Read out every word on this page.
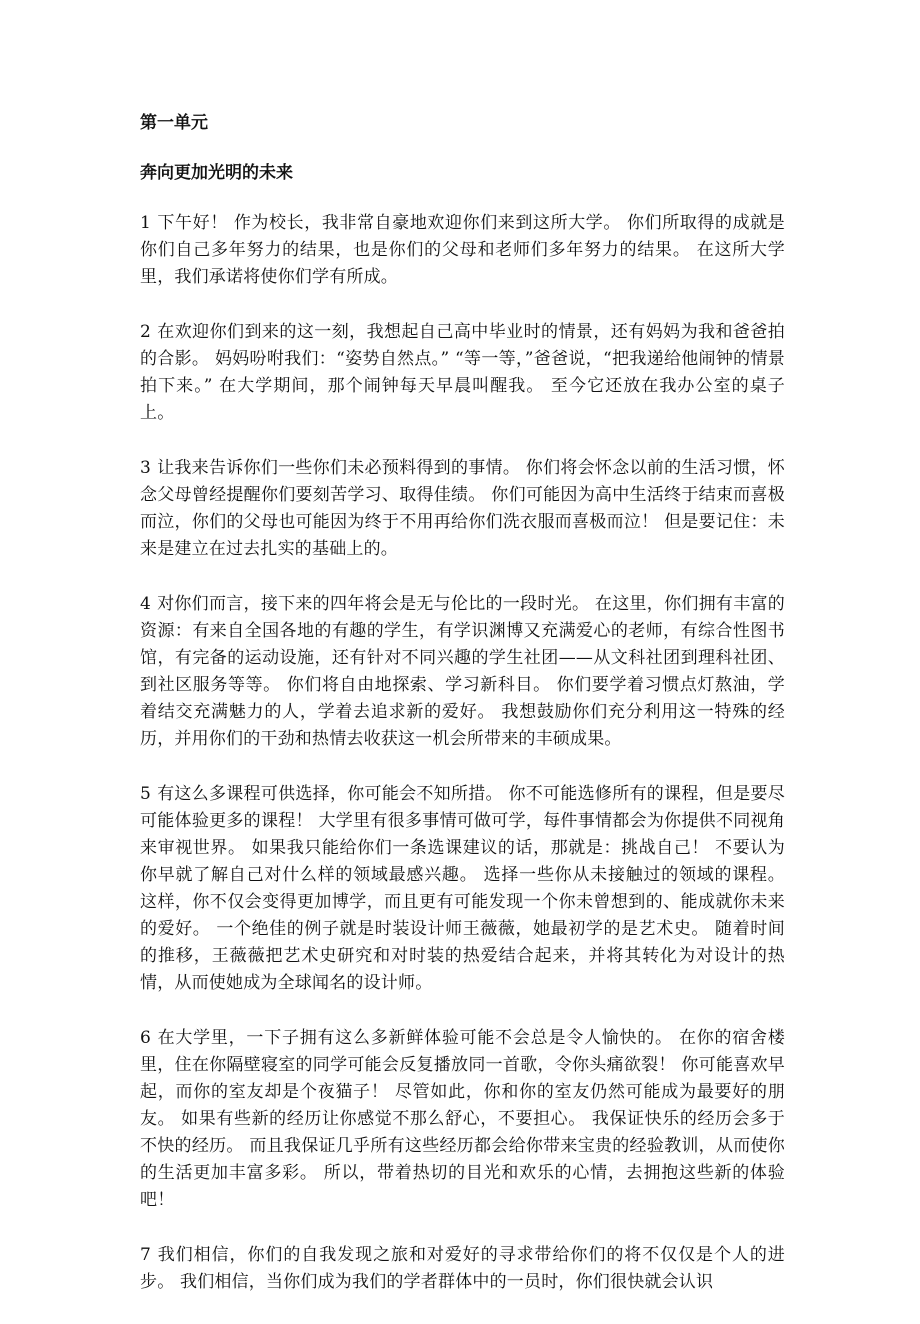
第一单元
奔向更加光明的未来

1 下午好！ 作为校长，我非常自豪地欢迎你们来到这所大学。 你们所取得的成就是你们自己多年努力的结果，也是你们的父母和老师们多年努力的结果。 在这所大学里，我们承诺将使你们学有所成。

2 在欢迎你们到来的这一刻，我想起自己高中毕业时的情景，还有妈妈为我和爸爸拍的合影。 妈妈吩咐我们：“姿势自然点。” “等一等，”爸爸说，“把我递给他闹钟的情景拍下来。” 在大学期间，那个闹钟每天早晨叫醒我。 至今它还放在我办公室的桌子上。

3 让我来告诉你们一些你们未必预料得到的事情。 你们将会怀念以前的生活习惯，怀念父母曾经提醒你们要刻苦学习、取得佳绩。 你们可能因为高中生活终于结束而喜极而泣，你们的父母也可能因为终于不用再给你们洗衣服而喜极而泣！ 但是要记住：未来是建立在过去扎实的基础上的。

4 对你们而言，接下来的四年将会是无与伦比的一段时光。 在这里，你们拥有丰富的资源：有来自全国各地的有趣的学生，有学识渊博又充满爱心的老师，有综合性图书馆，有完备的运动设施，还有针对不同兴趣的学生社团——从文科社团到理科社团、到社区服务等等。 你们将自由地探索、学习新科目。 你们要学着习惯点灯熬油，学着结交充满魅力的人，学着去追求新的爱好。 我想鼓励你们充分利用这一特殊的经历，并用你们的干劲和热情去收获这一机会所带来的丰硕成果。

5 有这么多课程可供选择，你可能会不知所措。 你不可能选修所有的课程，但是要尽可能体验更多的课程！ 大学里有很多事情可做可学，每件事情都会为你提供不同视角来审视世界。 如果我只能给你们一条选课建议的话，那就是：挑战自己！ 不要认为你早就了解自己对什么样的领域最感兴趣。 选择一些你从未接触过的领域的课程。 这样，你不仅会变得更加博学，而且更有可能发现一个你未曾想到的、能成就你未来的爱好。 一个绝佳的例子就是时装设计师王薇薇，她最初学的是艺术史。 随着时间的推移，王薇薇把艺术史研究和对时装的热爱结合起来，并将其转化为对设计的热情，从而使她成为全球闻名的设计师。

6 在大学里，一下子拥有这么多新鲜体验可能不会总是令人愉快的。 在你的宿舍楼里，住在你隔壁寝室的同学可能会反复播放同一首歌，令你头痛欲裂！ 你可能喜欢早起，而你的室友却是个夜猫子！ 尽管如此，你和你的室友仍然可能成为最要好的朋友。 如果有些新的经历让你感觉不那么舒心，不要担心。 我保证快乐的经历会多于不快的经历。 而且我保证几乎所有这些经历都会给你带来宝贵的经验教训，从而使你的生活更加丰富多彩。 所以，带着热切的目光和欢乐的心情，去拥抱这些新的体验吧！

7 我们相信，你们的自我发现之旅和对爱好的寻求带给你们的将不仅仅是个人的进步。 我们相信，当你们成为我们的学者群体中的一员时，你们很快就会认识
